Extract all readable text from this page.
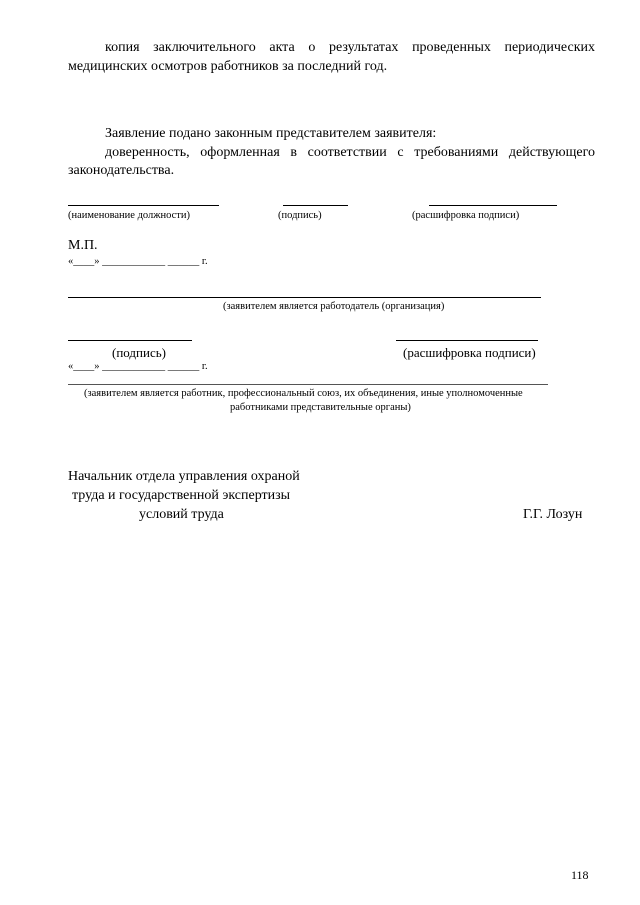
копия заключительного акта о результатах проведенных периодических
медицинских осмотров работников за последний год.
Заявление подано законным представителем заявителя:
доверенность, оформленная в соответствии с требованиями действующего
законодательства.
(наименование должности)	(подпись)	(расшифровка подписи)
М.П.
«____» ____________ ______ г.
(заявителем является работодатель (организация)
(подпись)	(расшифровка подписи)
«____» ____________ ______ г.
(заявителем является работник, профессиональный союз, их объединения, иные уполномоченные
работниками представительные органы)
Начальник отдела управления охраной
труда и государственной экспертизы
условий труда	Г.Г. Лозун
118
